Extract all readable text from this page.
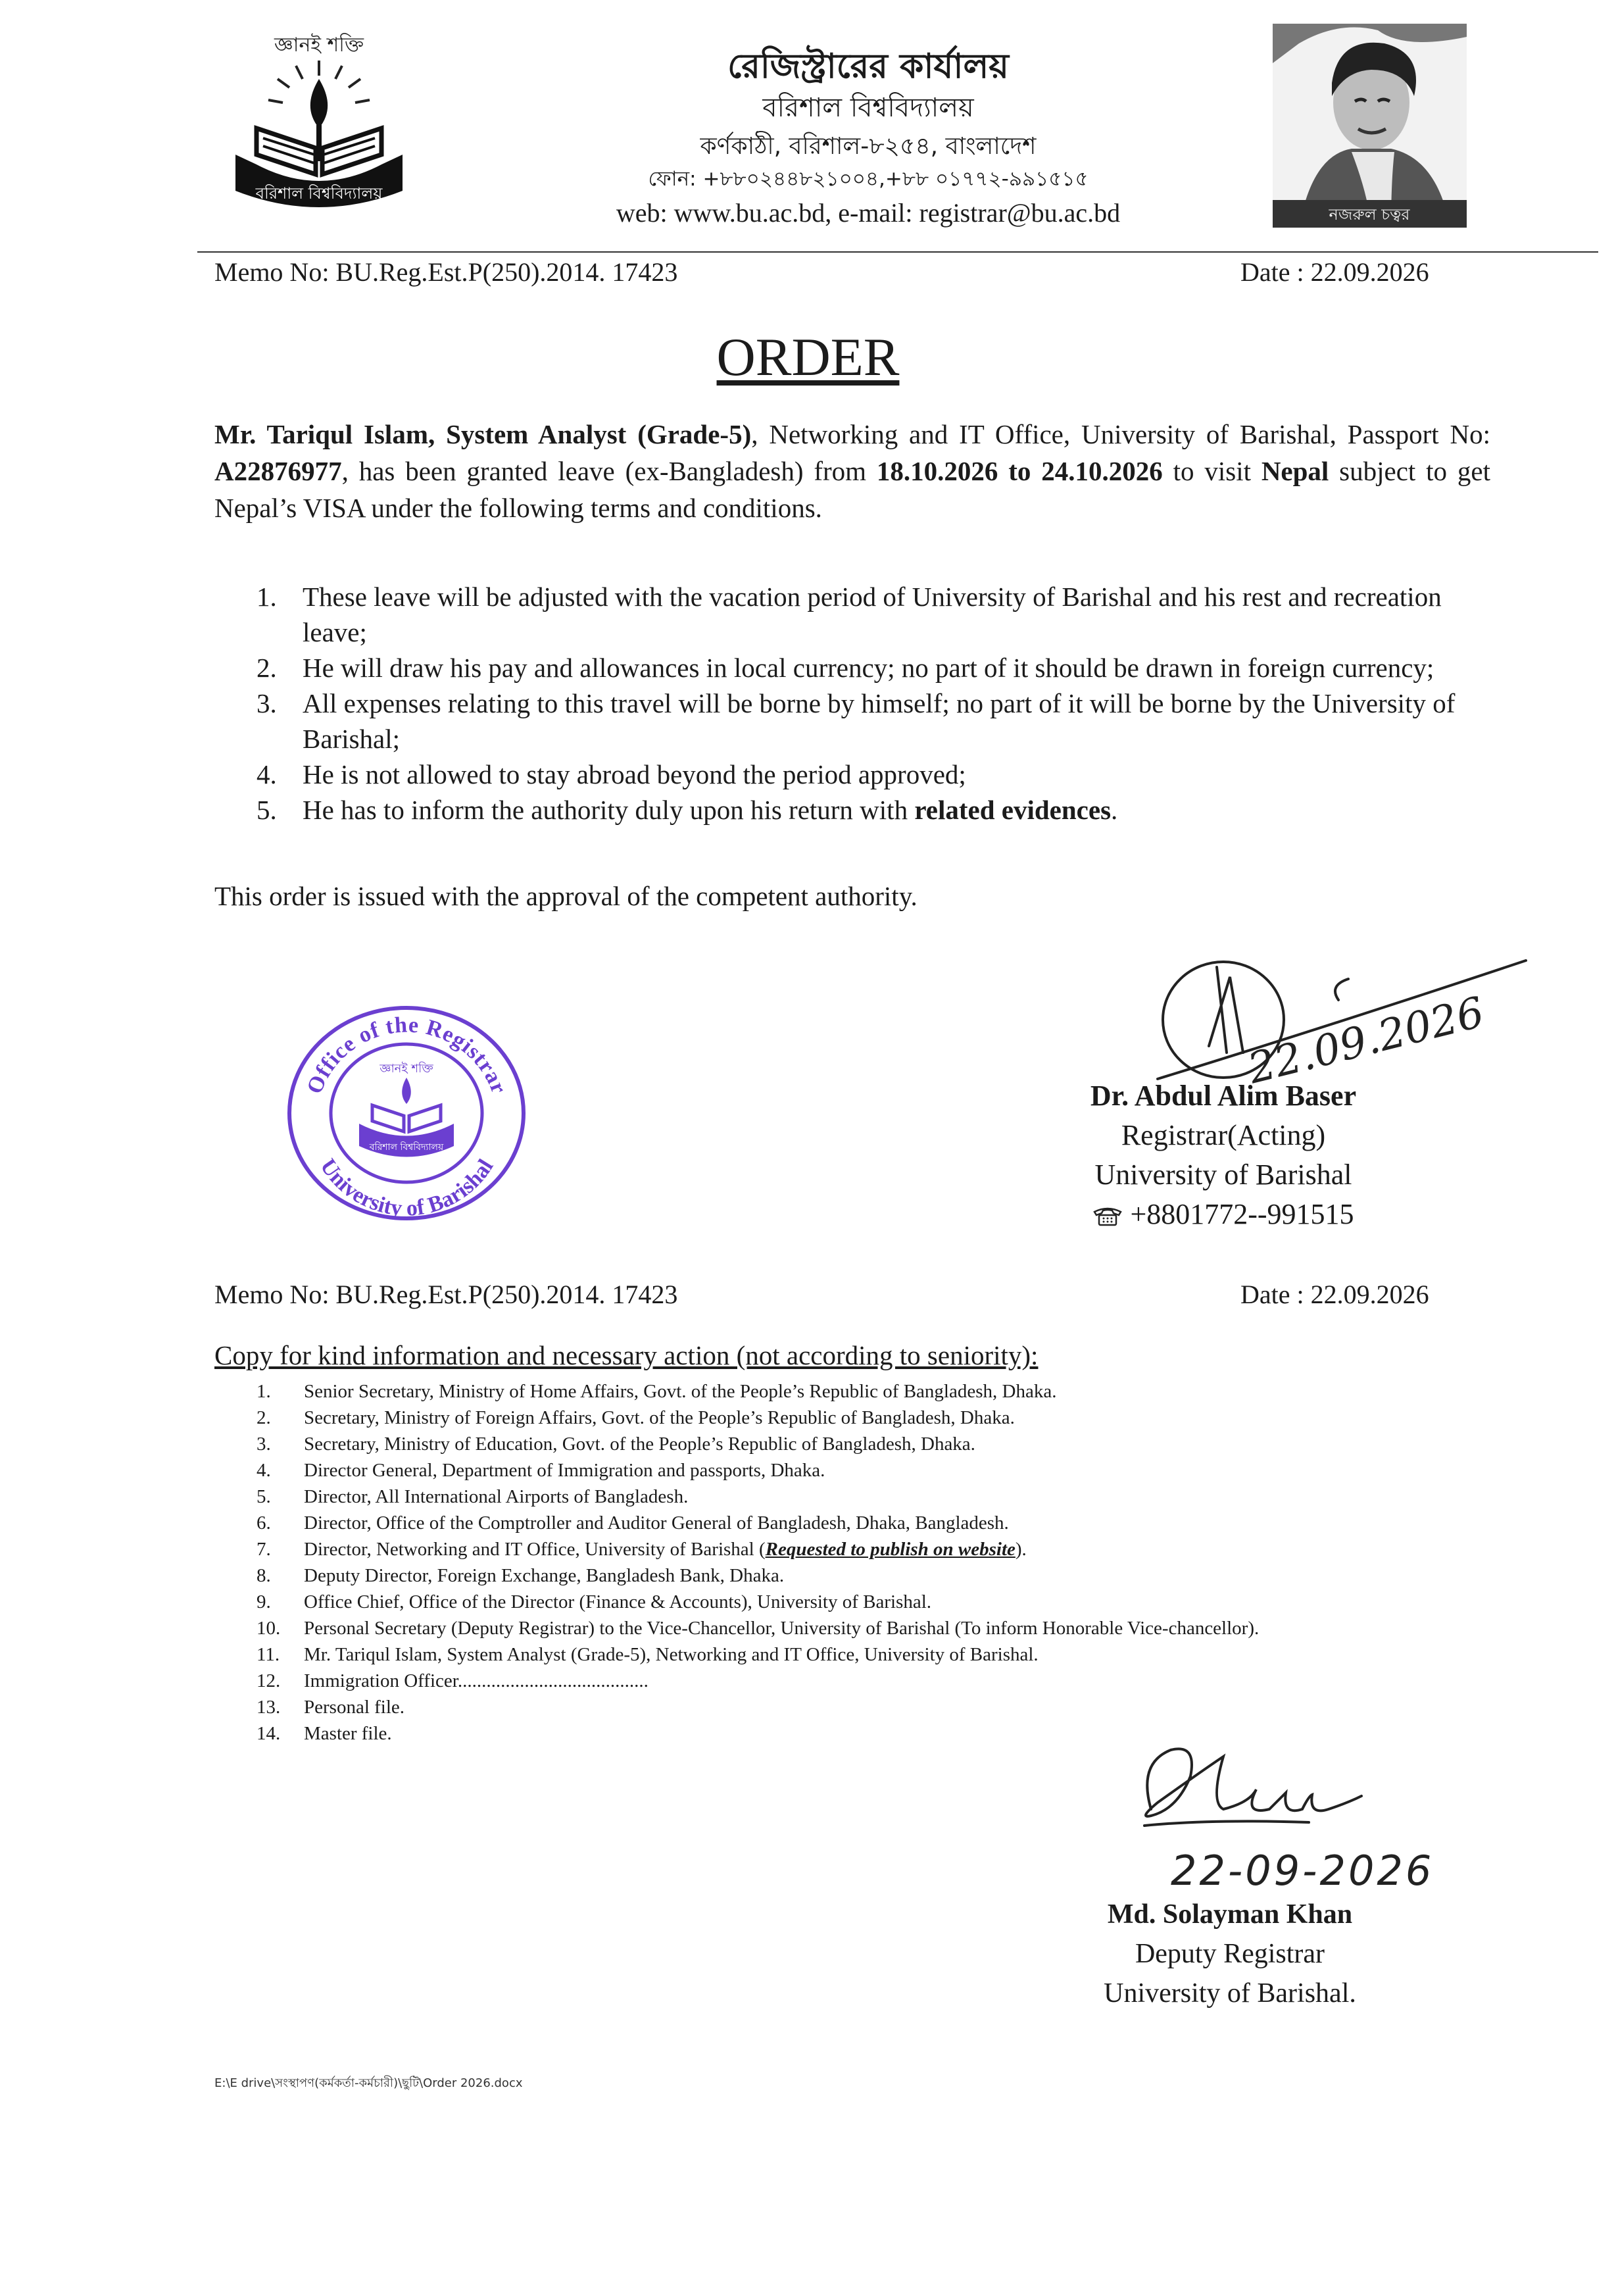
জ্ঞানই শক্তি
বরিশাল বিশ্ববিদ্যালয়
রেজিস্ট্রারের কার্যালয়
বরিশাল বিশ্ববিদ্যালয়
কর্ণকাঠী, বরিশাল-৮২৫৪, বাংলাদেশ
ফোন: +৮৮০২৪৪৮২১০০৪,+৮৮ ০১৭৭২-৯৯১৫১৫
web: www.bu.ac.bd, e-mail: registrar@bu.ac.bd	নজরুল চত্বর
Memo No: BU.Reg.Est.P(250).2014. 17423	Date : 22.09.2026
ORDER
Mr. Tariqul Islam, System Analyst (Grade-5), Networking and IT Office, University of Barishal, Passport No: A22876977, has been granted leave (ex-Bangladesh) from 18.10.2026 to 24.10.2026 to visit Nepal subject to get Nepal’s VISA under the following terms and conditions.
1. These leave will be adjusted with the vacation period of University of Barishal and his rest and recreation leave;
2. He will draw his pay and allowances in local currency; no part of it should be drawn in foreign currency;
3. All expenses relating to this travel will be borne by himself; no part of it will be borne by the University of Barishal;
4. He is not allowed to stay abroad beyond the period approved;
5. He has to inform the authority duly upon his return with related evidences.
This order is issued with the approval of the competent authority.
Office of the Registrar
University of Barishal
জ্ঞানই শক্তি
বরিশাল বিশ্ববিদ্যালয়
22.09.2026
Dr. Abdul Alim Baser
Registrar(Acting)
University of Barishal
+8801772--991515
Memo No: BU.Reg.Est.P(250).2014. 17423	Date : 22.09.2026
Copy for kind information and necessary action (not according to seniority):
1.	Senior Secretary, Ministry of Home Affairs, Govt. of the People’s Republic of Bangladesh, Dhaka.
2.	Secretary, Ministry of Foreign Affairs, Govt. of the People’s Republic of Bangladesh, Dhaka.
3.	Secretary, Ministry of Education, Govt. of the People’s Republic of Bangladesh, Dhaka.
4.	Director General, Department of Immigration and passports, Dhaka.
5.	Director, All International Airports of Bangladesh.
6.	Director, Office of the Comptroller and Auditor General of Bangladesh, Dhaka, Bangladesh.
7.	Director, Networking and IT Office, University of Barishal (Requested to publish on website).
8.	Deputy Director, Foreign Exchange, Bangladesh Bank, Dhaka.
9.	Office Chief, Office of the Director (Finance & Accounts), University of Barishal.
10.	Personal Secretary (Deputy Registrar) to the Vice-Chancellor, University of Barishal (To inform Honorable Vice-chancellor).
11.	Mr. Tariqul Islam, System Analyst (Grade-5), Networking and IT Office, University of Barishal.
12.	Immigration Officer........................................
13.	Personal file.
14.	Master file.
22-09-2026
Md. Solayman Khan
Deputy Registrar
University of Barishal.
E:\E drive\সংস্থাপণ(কর্মকর্তা-কর্মচারী)\ছুটি\Order 2026.docx
